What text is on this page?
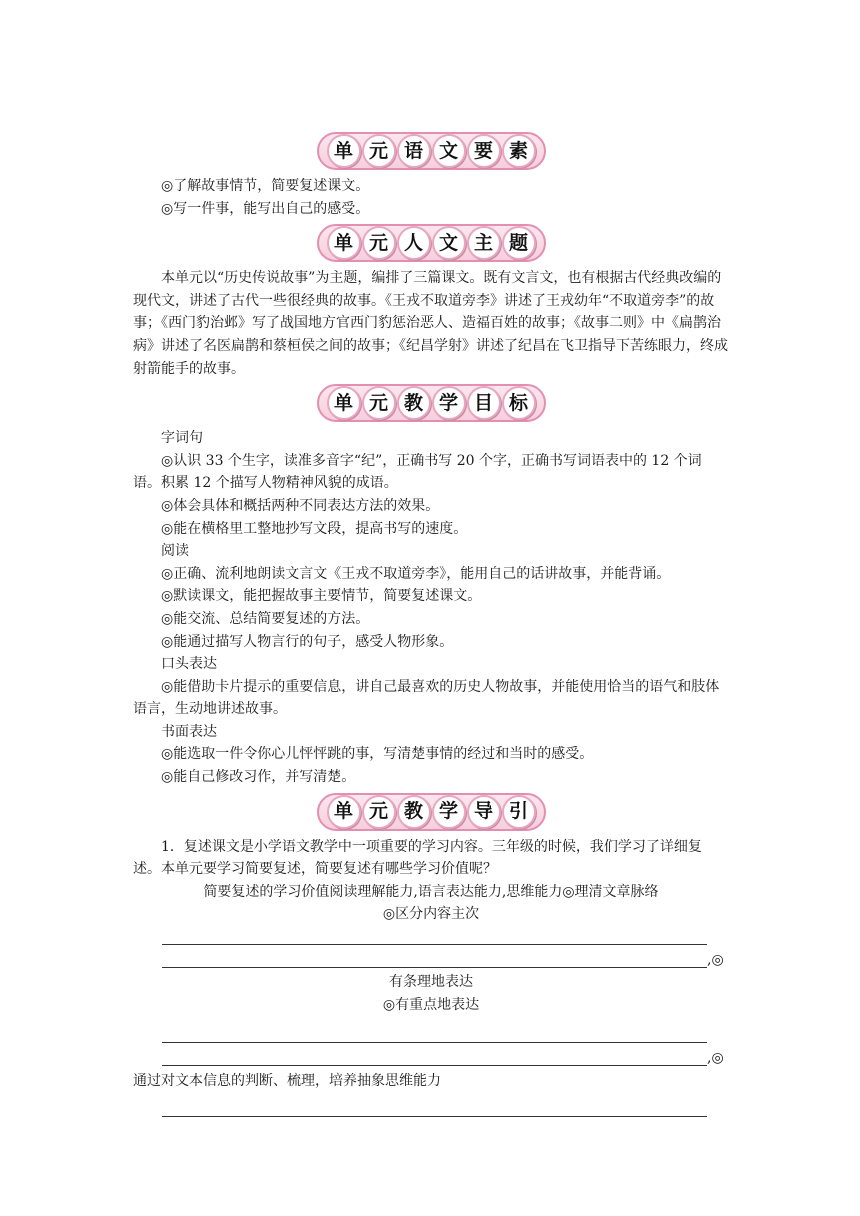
单 元 语 文 要 素

◎了解故事情节，简要复述课文。

◎写一件事，能写出自己的感受。

单 元 人 文 主 题

本单元以“历史传说故事”为主题，编排了三篇课文。既有文言文，也有根据古代经典改编的现代文，讲述了古代一些很经典的故事。《王戎不取道旁李》讲述了王戎幼年“不取道旁李”的故事；《西门豹治邺》写了战国地方官西门豹惩治恶人、造福百姓的故事；《故事二则》中《扁鹊治病》讲述了名医扁鹊和蔡桓侯之间的故事；《纪昌学射》讲述了纪昌在飞卫指导下苦练眼力，终成射箭能手的故事。

单 元 教 学 目 标

字词句

◎认识 33 个生字，读准多音字“纪”，正确书写 20 个字，正确书写词语表中的 12 个词语。积累 12 个描写人物精神风貌的成语。

◎体会具体和概括两种不同表达方法的效果。

◎能在横格里工整地抄写文段，提高书写的速度。

阅读

◎正确、流利地朗读文言文《王戎不取道旁李》，能用自己的话讲故事，并能背诵。

◎默读课文，能把握故事主要情节，简要复述课文。

◎能交流、总结简要复述的方法。

◎能通过描写人物言行的句子，感受人物形象。

口头表达

◎能借助卡片提示的重要信息，讲自己最喜欢的历史人物故事，并能使用恰当的语气和肢体语言，生动地讲述故事。

书面表达

◎能选取一件令你心儿怦怦跳的事，写清楚事情的经过和当时的感受。

◎能自己修改习作，并写清楚。

单 元 教 学 导 引

1．复述课文是小学语文教学中一项重要的学习内容。三年级的时候，我们学习了详细复述。本单元要学习简要复述，简要复述有哪些学习价值呢？

简要复述的学习价值阅读理解能力,语言表达能力,思维能力◎理清文章脉络

◎区分内容主次

,◎

有条理地表达

◎有重点地表达

,◎

通过对文本信息的判断、梳理，培养抽象思维能力
